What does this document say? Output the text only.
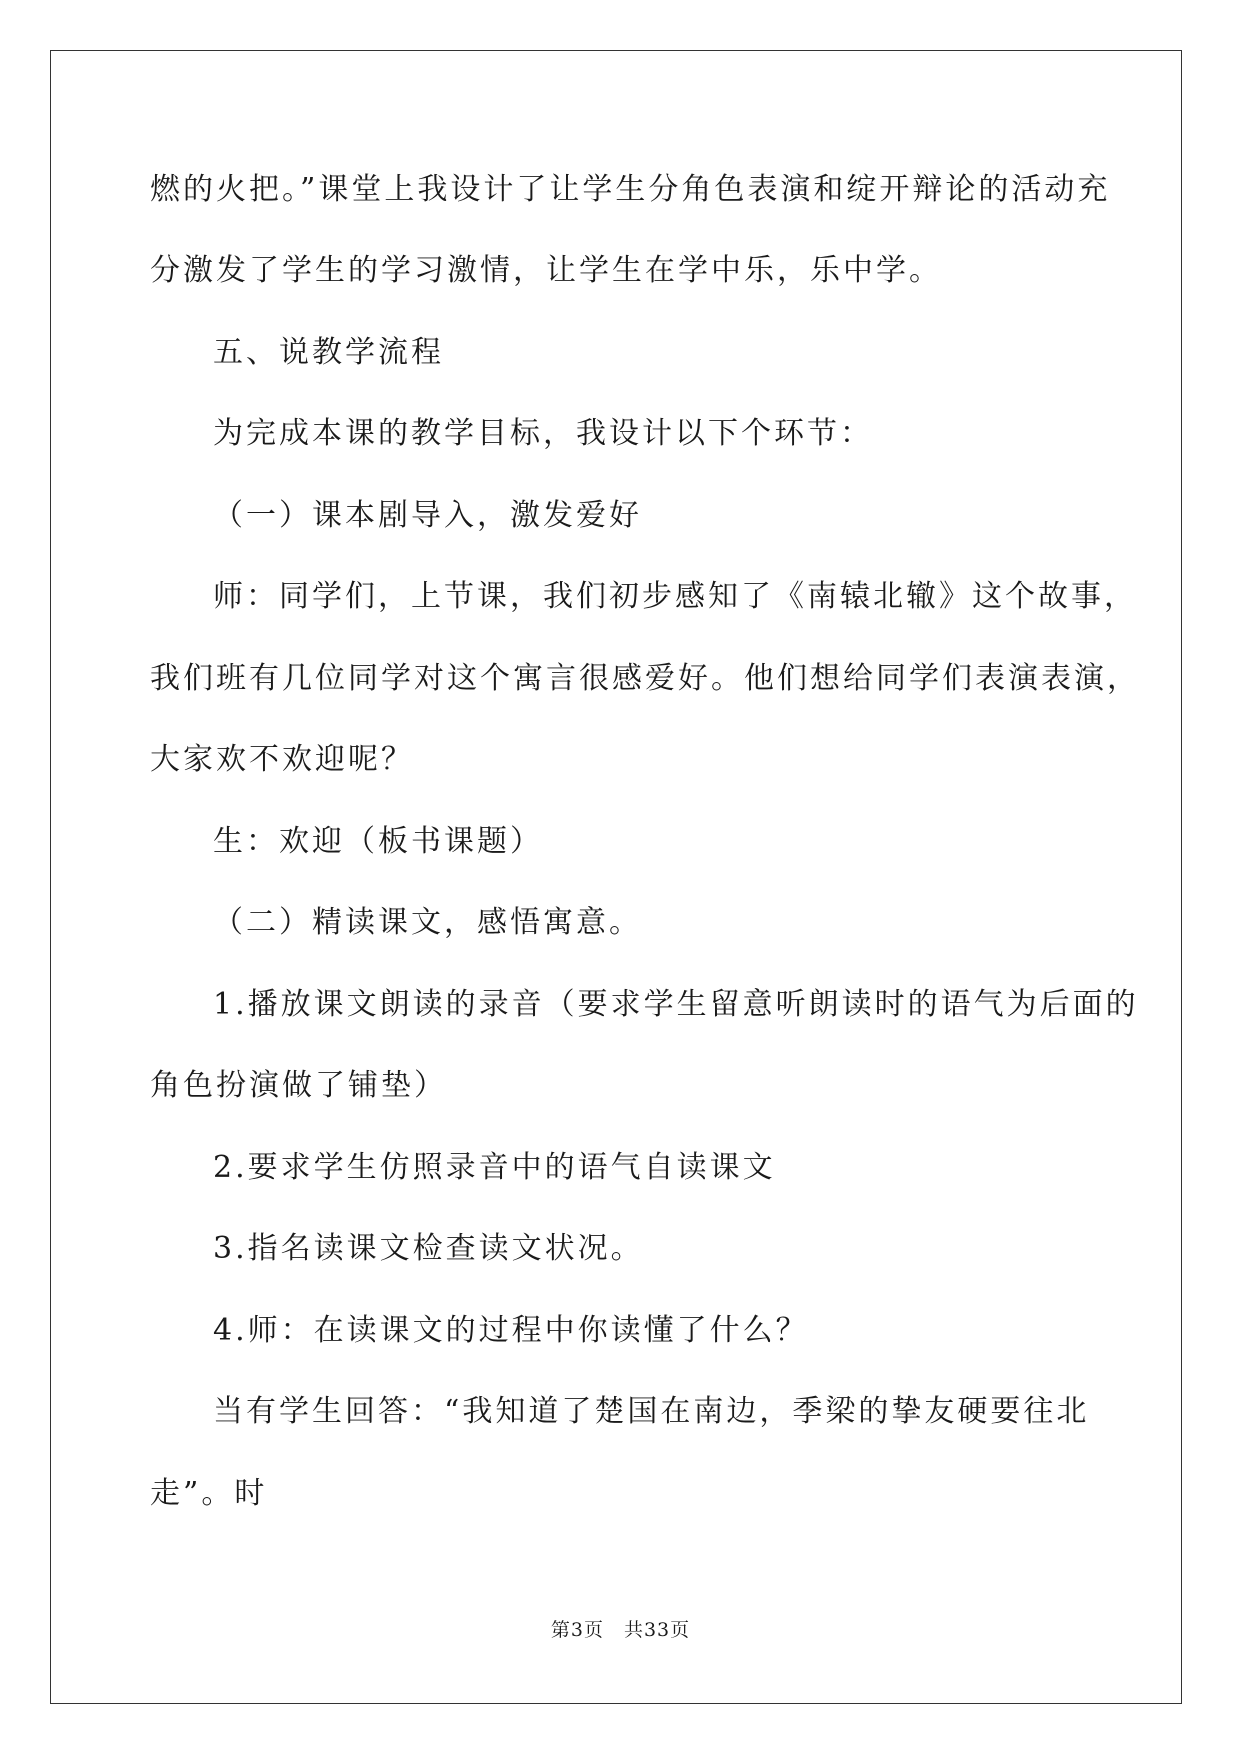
燃的火把。”课堂上我设计了让学生分角色表演和绽开辩论的活动充
分激发了学生的学习激情，让学生在学中乐，乐中学。
五、说教学流程
为完成本课的教学目标，我设计以下个环节：
（一）课本剧导入，激发爱好
师：同学们，上节课，我们初步感知了《南辕北辙》这个故事，
我们班有几位同学对这个寓言很感爱好。他们想给同学们表演表演，
大家欢不欢迎呢？
生：欢迎（板书课题）
（二）精读课文，感悟寓意。
1.播放课文朗读的录音（要求学生留意听朗读时的语气为后面的
角色扮演做了铺垫）
2.要求学生仿照录音中的语气自读课文
3.指名读课文检查读文状况。
4.师：在读课文的过程中你读懂了什么？
当有学生回答：“我知道了楚国在南边，季梁的挚友硬要往北
走”。时
第3页　共33页
